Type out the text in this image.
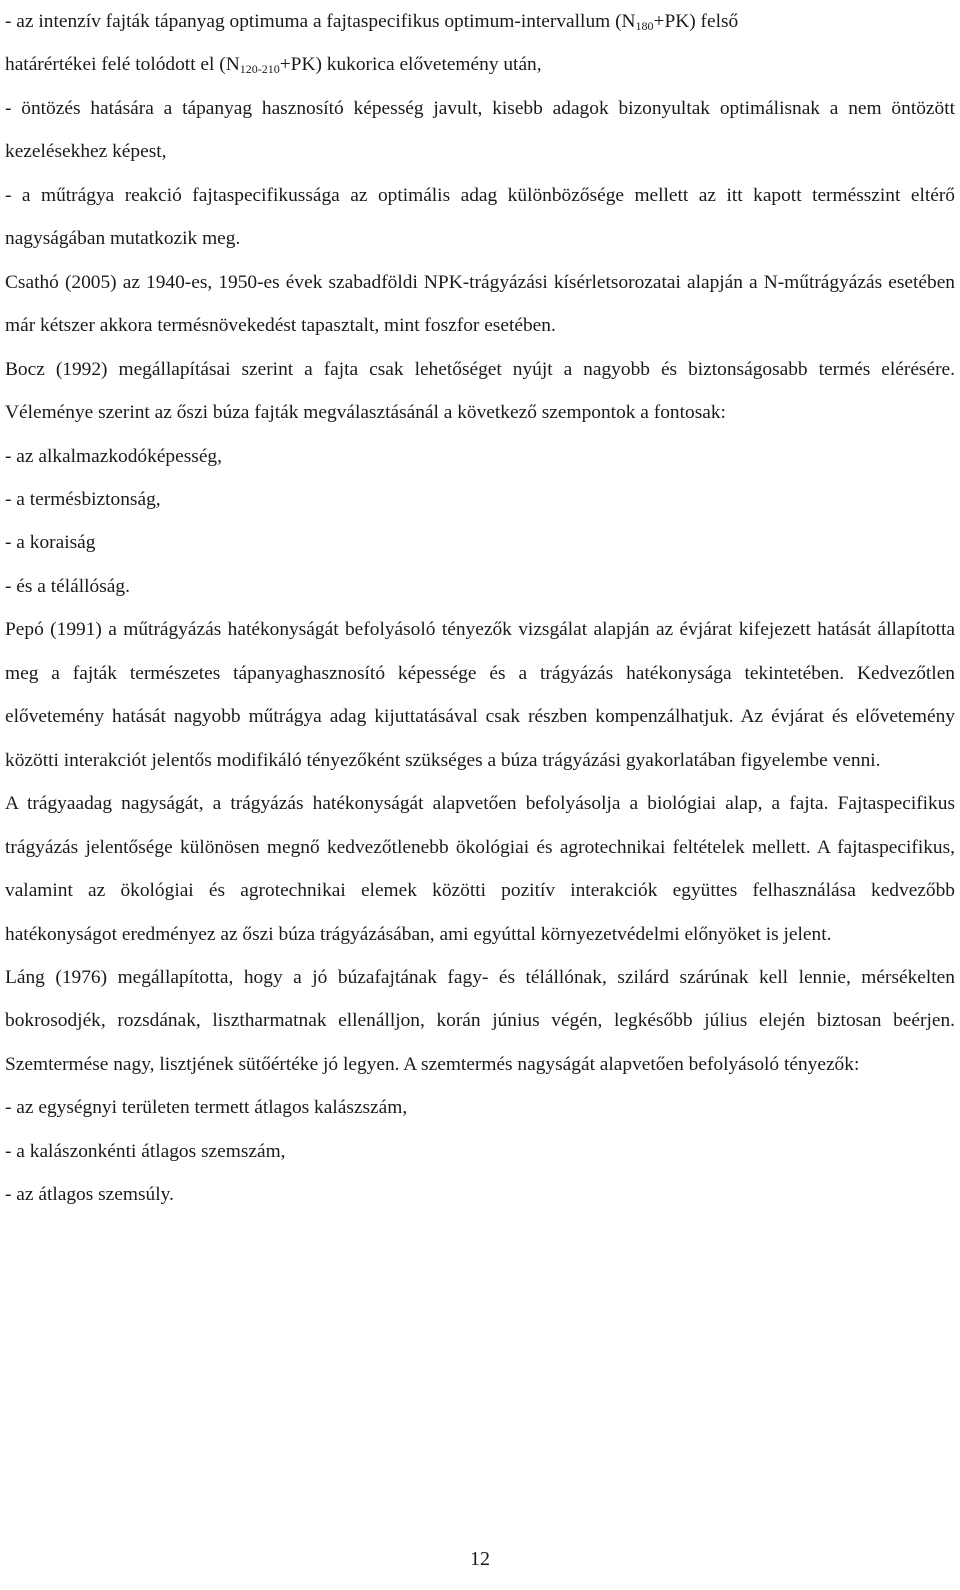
- az intenzív fajták tápanyag optimuma a fajtaspecifikus optimum-intervallum $(N_{180}+PK)$ felső
határértékei felé tolódott el $(N_{120-210}+PK)$ kukorica elővetemény után,

- öntözés hatására a tápanyag hasznosító képesség javult, kisebb adagok bizonyultak optimálisnak a nem öntözött kezelésekhez képest,

- a műtrágya reakció fajtaspecifikussága az optimális adag különbözősége mellett az itt kapott termésszint eltérő nagyságában mutatkozik meg.

Csathó (2005) az 1940-es, 1950-es évek szabadföldi NPK-trágyázási kísérletsorozatai alapján a N-műtrágyázás esetében már kétszer akkora termésnövekedést tapasztalt, mint foszfor esetében.

Bocz (1992) megállapításai szerint a fajta csak lehetőséget nyújt a nagyobb és biztonságosabb termés elérésére. Véleménye szerint az őszi búza fajták megválasztásánál a következő szempontok a fontosak:

- az alkalmazkodóképesség,
- a termésbiztonság,
- a koraiság
- és a télállóság.

Pepó (1991) a műtrágyázás hatékonyságát befolyásoló tényezők vizsgálat alapján az évjárat kifejezett hatását állapította meg a fajták természetes tápanyaghasznosító képessége és a trágyázás hatékonysága tekintetében. Kedvezőtlen elővetemény hatását nagyobb műtrágya adag kijuttatásával csak részben kompenzálhatjuk. Az évjárat és elővetemény közötti interakciót jelentős modifikáló tényezőként szükséges a búza trágyázási gyakorlatában figyelembe venni.

A trágyaadag nagyságát, a trágyázás hatékonyságát alapvetően befolyásolja a biológiai alap, a fajta. Fajtaspecifikus trágyázás jelentősége különösen megnő kedvezőtlenebb ökológiai és agrotechnikai feltételek mellett. A fajtaspecifikus, valamint az ökológiai és agrotechnikai elemek közötti pozitív interakciók együttes felhasználása kedvezőbb hatékonyságot eredményez az őszi búza trágyázásában, ami egyúttal környezetvédelmi előnyöket is jelent.

Láng (1976) megállapította, hogy a jó búzafajtának fagy- és télállónak, szilárd szárúnak kell lennie, mérsékelten bokrosodjék, rozsdának, lisztharmatnak ellenálljon, korán június végén, legkésőbb július elején biztosan beérjen. Szemtermése nagy, lisztjének sütőértéke jó legyen. A szemtermés nagyságát alapvetően befolyásoló tényezők:

- az egységnyi területen termett átlagos kalászszám,
- a kalászonkénti átlagos szemszám,
- az átlagos szemsúly.
12
